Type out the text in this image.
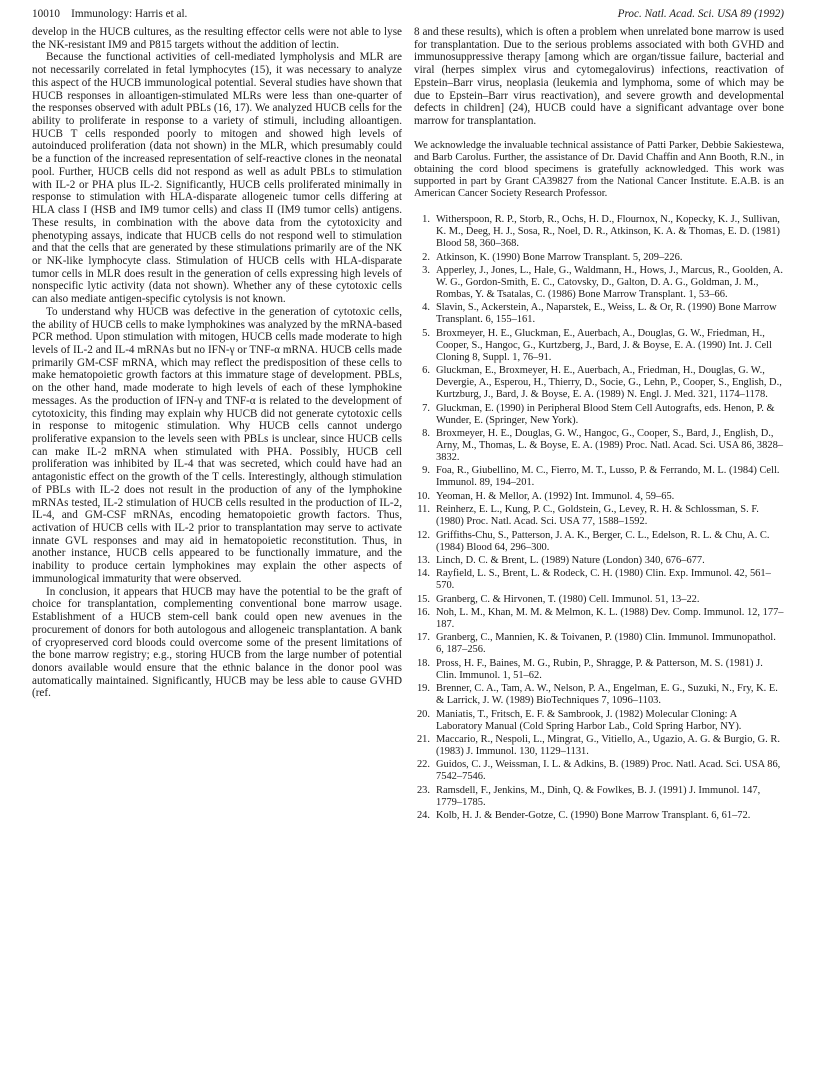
10010 Immunology: Harris et al.	Proc. Natl. Acad. Sci. USA 89 (1992)

develop in the HUCB cultures, as the resulting effector cells were not able to lyse the NK-resistant IM9 and P815 targets without the addition of lectin.

Because the functional activities of cell-mediated lympholysis and MLR are not necessarily correlated in fetal lymphocytes (15), it was necessary to analyze this aspect of the HUCB immunological potential. Several studies have shown that HUCB responses in alloantigen-stimulated MLRs were less than one-quarter of the responses observed with adult PBLs (16, 17). We analyzed HUCB cells for the ability to proliferate in response to a variety of stimuli, including alloantigen. HUCB T cells responded poorly to mitogen and showed high levels of autoinduced proliferation (data not shown) in the MLR, which presumably could be a function of the increased representation of self-reactive clones in the neonatal pool. Further, HUCB cells did not respond as well as adult PBLs to stimulation with IL-2 or PHA plus IL-2. Significantly, HUCB cells proliferated minimally in response to stimulation with HLA-disparate allogeneic tumor cells differing at HLA class I (HSB and IM9 tumor cells) and class II (IM9 tumor cells) antigens. These results, in combination with the above data from the cytotoxicity and phenotyping assays, indicate that HUCB cells do not respond well to stimulation and that the cells that are generated by these stimulations primarily are of the NK or NK-like lymphocyte class. Stimulation of HUCB cells with HLA-disparate tumor cells in MLR does result in the generation of cells expressing high levels of nonspecific lytic activity (data not shown). Whether any of these cytotoxic cells can also mediate antigen-specific cytolysis is not known.

To understand why HUCB was defective in the generation of cytotoxic cells, the ability of HUCB cells to make lymphokines was analyzed by the mRNA-based PCR method. Upon stimulation with mitogen, HUCB cells made moderate to high levels of IL-2 and IL-4 mRNAs but no IFN-γ or TNF-α mRNA. HUCB cells made primarily GM-CSF mRNA, which may reflect the predisposition of these cells to make hematopoietic growth factors at this immature stage of development. PBLs, on the other hand, made moderate to high levels of each of these lymphokine messages. As the production of IFN-γ and TNF-α is related to the development of cytotoxicity, this finding may explain why HUCB did not generate cytotoxic cells in response to mitogenic stimulation. Why HUCB cells cannot undergo proliferative expansion to the levels seen with PBLs is unclear, since HUCB cells can make IL-2 mRNA when stimulated with PHA. Possibly, HUCB cell proliferation was inhibited by IL-4 that was secreted, which could have had an antagonistic effect on the growth of the T cells. Interestingly, although stimulation of PBLs with IL-2 does not result in the production of any of the lymphokine mRNAs tested, IL-2 stimulation of HUCB cells resulted in the production of IL-2, IL-4, and GM-CSF mRNAs, encoding hematopoietic growth factors. Thus, activation of HUCB cells with IL-2 prior to transplantation may serve to activate innate GVL responses and may aid in hematopoietic reconstitution. Thus, in another instance, HUCB cells appeared to be functionally immature, and the inability to produce certain lymphokines may explain the other aspects of immunological immaturity that were observed.

In conclusion, it appears that HUCB may have the potential to be the graft of choice for transplantation, complementing conventional bone marrow usage. Establishment of a HUCB stem-cell bank could open new avenues in the procurement of donors for both autologous and allogeneic transplantation. A bank of cryopreserved cord bloods could overcome some of the present limitations of the bone marrow registry; e.g., storing HUCB from the large number of potential donors available would ensure that the ethnic balance in the donor pool was automatically maintained. Significantly, HUCB may be less able to cause GVHD (ref.

8 and these results), which is often a problem when unrelated bone marrow is used for transplantation. Due to the serious problems associated with both GVHD and immunosuppressive therapy [among which are organ/tissue failure, bacterial and viral (herpes simplex virus and cytomegalovirus) infections, reactivation of Epstein–Barr virus, neoplasia (leukemia and lymphoma, some of which may be due to Epstein–Barr virus reactivation), and severe growth and developmental defects in children] (24), HUCB could have a significant advantage over bone marrow for transplantation.

We acknowledge the invaluable technical assistance of Patti Parker, Debbie Sakiestewa, and Barb Carolus. Further, the assistance of Dr. David Chaffin and Ann Booth, R.N., in obtaining the cord blood specimens is gratefully acknowledged. This work was supported in part by Grant CA39827 from the National Cancer Institute. E.A.B. is an American Cancer Society Research Professor.

1. Witherspoon, R. P., Storb, R., Ochs, H. D., Flournox, N., Kopecky, K. J., Sullivan, K. M., Deeg, H. J., Sosa, R., Noel, D. R., Atkinson, K. A. & Thomas, E. D. (1981) Blood 58, 360–368.
2. Atkinson, K. (1990) Bone Marrow Transplant. 5, 209–226.
3. Apperley, J., Jones, L., Hale, G., Waldmann, H., Hows, J., Marcus, R., Goolden, A. W. G., Gordon-Smith, E. C., Catovsky, D., Galton, D. A. G., Goldman, J. M., Rombas, Y. & Tsatalas, C. (1986) Bone Marrow Transplant. 1, 53–66.
4. Slavin, S., Ackerstein, A., Naparstek, E., Weiss, L. & Or, R. (1990) Bone Marrow Transplant. 6, 155–161.
5. Broxmeyer, H. E., Gluckman, E., Auerbach, A., Douglas, G. W., Friedman, H., Cooper, S., Hangoc, G., Kurtzberg, J., Bard, J. & Boyse, E. A. (1990) Int. J. Cell Cloning 8, Suppl. 1, 76–91.
6. Gluckman, E., Broxmeyer, H. E., Auerbach, A., Friedman, H., Douglas, G. W., Devergie, A., Esperou, H., Thierry, D., Socie, G., Lehn, P., Cooper, S., English, D., Kurtzburg, J., Bard, J. & Boyse, E. A. (1989) N. Engl. J. Med. 321, 1174–1178.
7. Gluckman, E. (1990) in Peripheral Blood Stem Cell Autografts, eds. Henon, P. & Wunder, E. (Springer, New York).
8. Broxmeyer, H. E., Douglas, G. W., Hangoc, G., Cooper, S., Bard, J., English, D., Arny, M., Thomas, L. & Boyse, E. A. (1989) Proc. Natl. Acad. Sci. USA 86, 3828–3832.
9. Foa, R., Giubellino, M. C., Fierro, M. T., Lusso, P. & Ferrando, M. L. (1984) Cell. Immunol. 89, 194–201.
10. Yeoman, H. & Mellor, A. (1992) Int. Immunol. 4, 59–65.
11. Reinherz, E. L., Kung, P. C., Goldstein, G., Levey, R. H. & Schlossman, S. F. (1980) Proc. Natl. Acad. Sci. USA 77, 1588–1592.
12. Griffiths-Chu, S., Patterson, J. A. K., Berger, C. L., Edelson, R. L. & Chu, A. C. (1984) Blood 64, 296–300.
13. Linch, D. C. & Brent, L. (1989) Nature (London) 340, 676–677.
14. Rayfield, L. S., Brent, L. & Rodeck, C. H. (1980) Clin. Exp. Immunol. 42, 561–570.
15. Granberg, C. & Hirvonen, T. (1980) Cell. Immunol. 51, 13–22.
16. Noh, L. M., Khan, M. M. & Melmon, K. L. (1988) Dev. Comp. Immunol. 12, 177–187.
17. Granberg, C., Mannien, K. & Toivanen, P. (1980) Clin. Immunol. Immunopathol. 6, 187–256.
18. Pross, H. F., Baines, M. G., Rubin, P., Shragge, P. & Patterson, M. S. (1981) J. Clin. Immunol. 1, 51–62.
19. Brenner, C. A., Tam, A. W., Nelson, P. A., Engelman, E. G., Suzuki, N., Fry, K. E. & Larrick, J. W. (1989) BioTechniques 7, 1096–1103.
20. Maniatis, T., Fritsch, E. F. & Sambrook, J. (1982) Molecular Cloning: A Laboratory Manual (Cold Spring Harbor Lab., Cold Spring Harbor, NY).
21. Maccario, R., Nespoli, L., Mingrat, G., Vitiello, A., Ugazio, A. G. & Burgio, G. R. (1983) J. Immunol. 130, 1129–1131.
22. Guidos, C. J., Weissman, I. L. & Adkins, B. (1989) Proc. Natl. Acad. Sci. USA 86, 7542–7546.
23. Ramsdell, F., Jenkins, M., Dinh, Q. & Fowlkes, B. J. (1991) J. Immunol. 147, 1779–1785.
24. Kolb, H. J. & Bender-Gotze, C. (1990) Bone Marrow Transplant. 6, 61–72.
